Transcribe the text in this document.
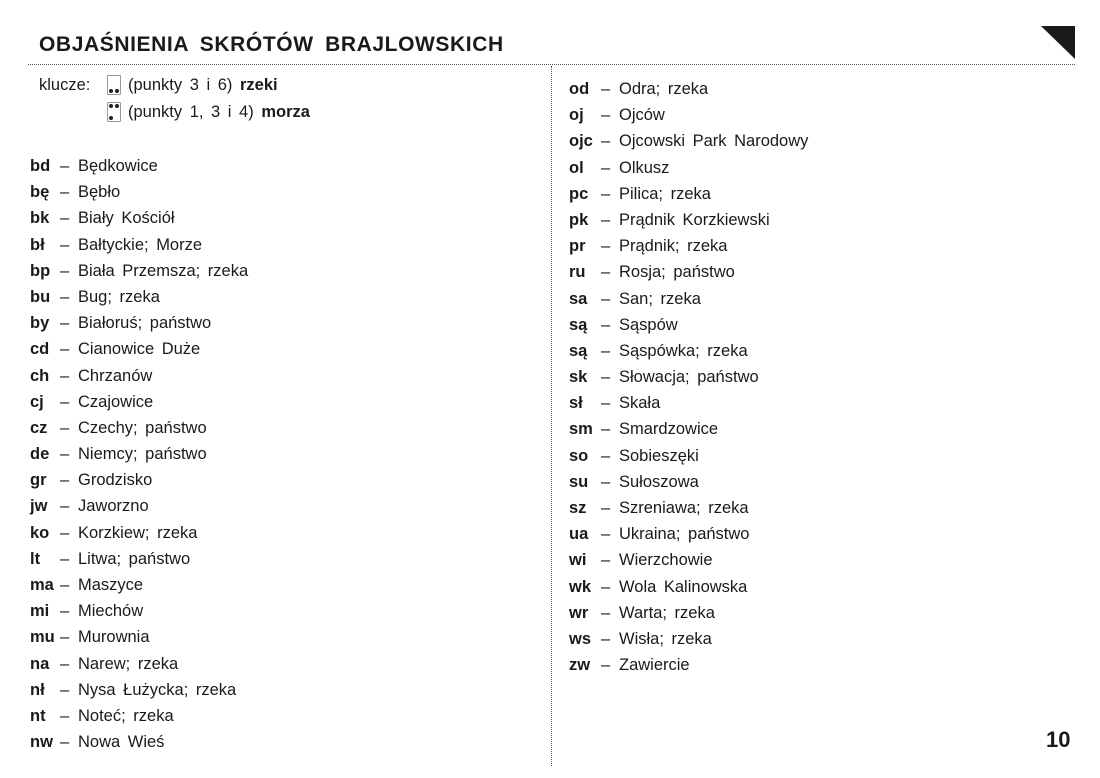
OBJAŚNIENIA SKRÓTÓW BRAJLOWSKICH
klucze: (punkty 3 i 6) rzeki
(punkty 1, 3 i 4) morza
bd – Będkowice
bę – Bębło
bk – Biały Kościół
bł – Bałtyckie; Morze
bp – Biała Przemsza; rzeka
bu – Bug; rzeka
by – Białoruś; państwo
cd – Cianowice Duże
ch – Chrzanów
cj – Czajowice
cz – Czechy; państwo
de – Niemcy; państwo
gr – Grodzisko
jw – Jaworzno
ko – Korzkiew; rzeka
lt – Litwa; państwo
ma – Maszyce
mi – Miechów
mu – Murownia
na – Narew; rzeka
nł – Nysa Łużycka; rzeka
nt – Noteć; rzeka
nw – Nowa Wieś
od – Odra; rzeka
oj – Ojców
ojc – Ojcowski Park Narodowy
ol – Olkusz
pc – Pilica; rzeka
pk – Prądnik Korzkiewski
pr – Prądnik; rzeka
ru – Rosja; państwo
sa – San; rzeka
są – Sąspów
są – Sąspówka; rzeka
sk – Słowacja; państwo
sł – Skała
sm – Smardzowice
so – Sobieszęki
su – Sułoszowa
sz – Szreniawa; rzeka
ua – Ukraina; państwo
wi – Wierzchowie
wk – Wola Kalinowska
wr – Warta; rzeka
ws – Wisła; rzeka
zw – Zawiercie
10
